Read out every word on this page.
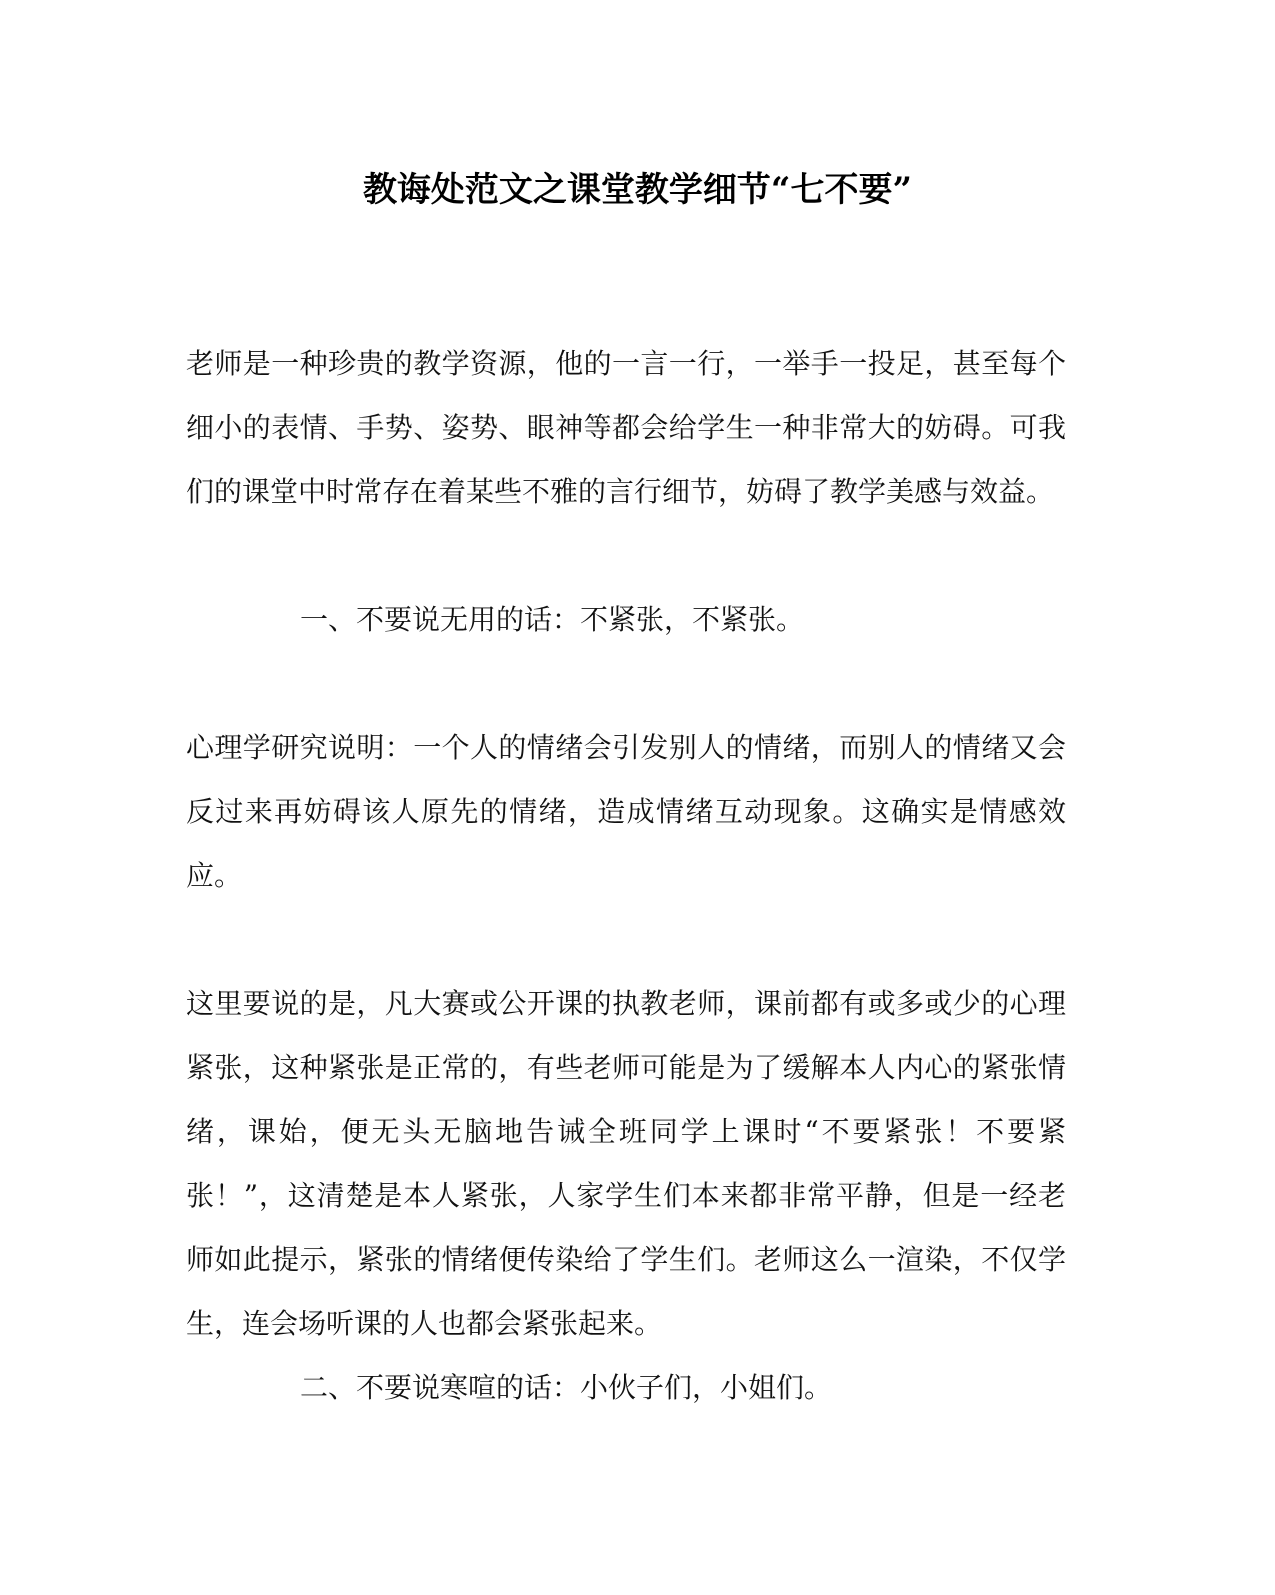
教诲处范文之课堂教学细节“七不要”

老师是一种珍贵的教学资源，他的一言一行，一举手一投足，甚至每个细小的表情、手势、姿势、眼神等都会给学生一种非常大的妨碍。可我们的课堂中时常存在着某些不雅的言行细节，妨碍了教学美感与效益。

一、不要说无用的话：不紧张，不紧张。

心理学研究说明：一个人的情绪会引发别人的情绪，而别人的情绪又会反过来再妨碍该人原先的情绪，造成情绪互动现象。这确实是情感效应。

这里要说的是，凡大赛或公开课的执教老师，课前都有或多或少的心理紧张，这种紧张是正常的，有些老师可能是为了缓解本人内心的紧张情绪，课始，便无头无脑地告诫全班同学上课时“不要紧张！不要紧张！”，这清楚是本人紧张，人家学生们本来都非常平静，但是一经老师如此提示，紧张的情绪便传染给了学生们。老师这么一渲染，不仅学生，连会场听课的人也都会紧张起来。

二、不要说寒喧的话：小伙子们，小姐们。
